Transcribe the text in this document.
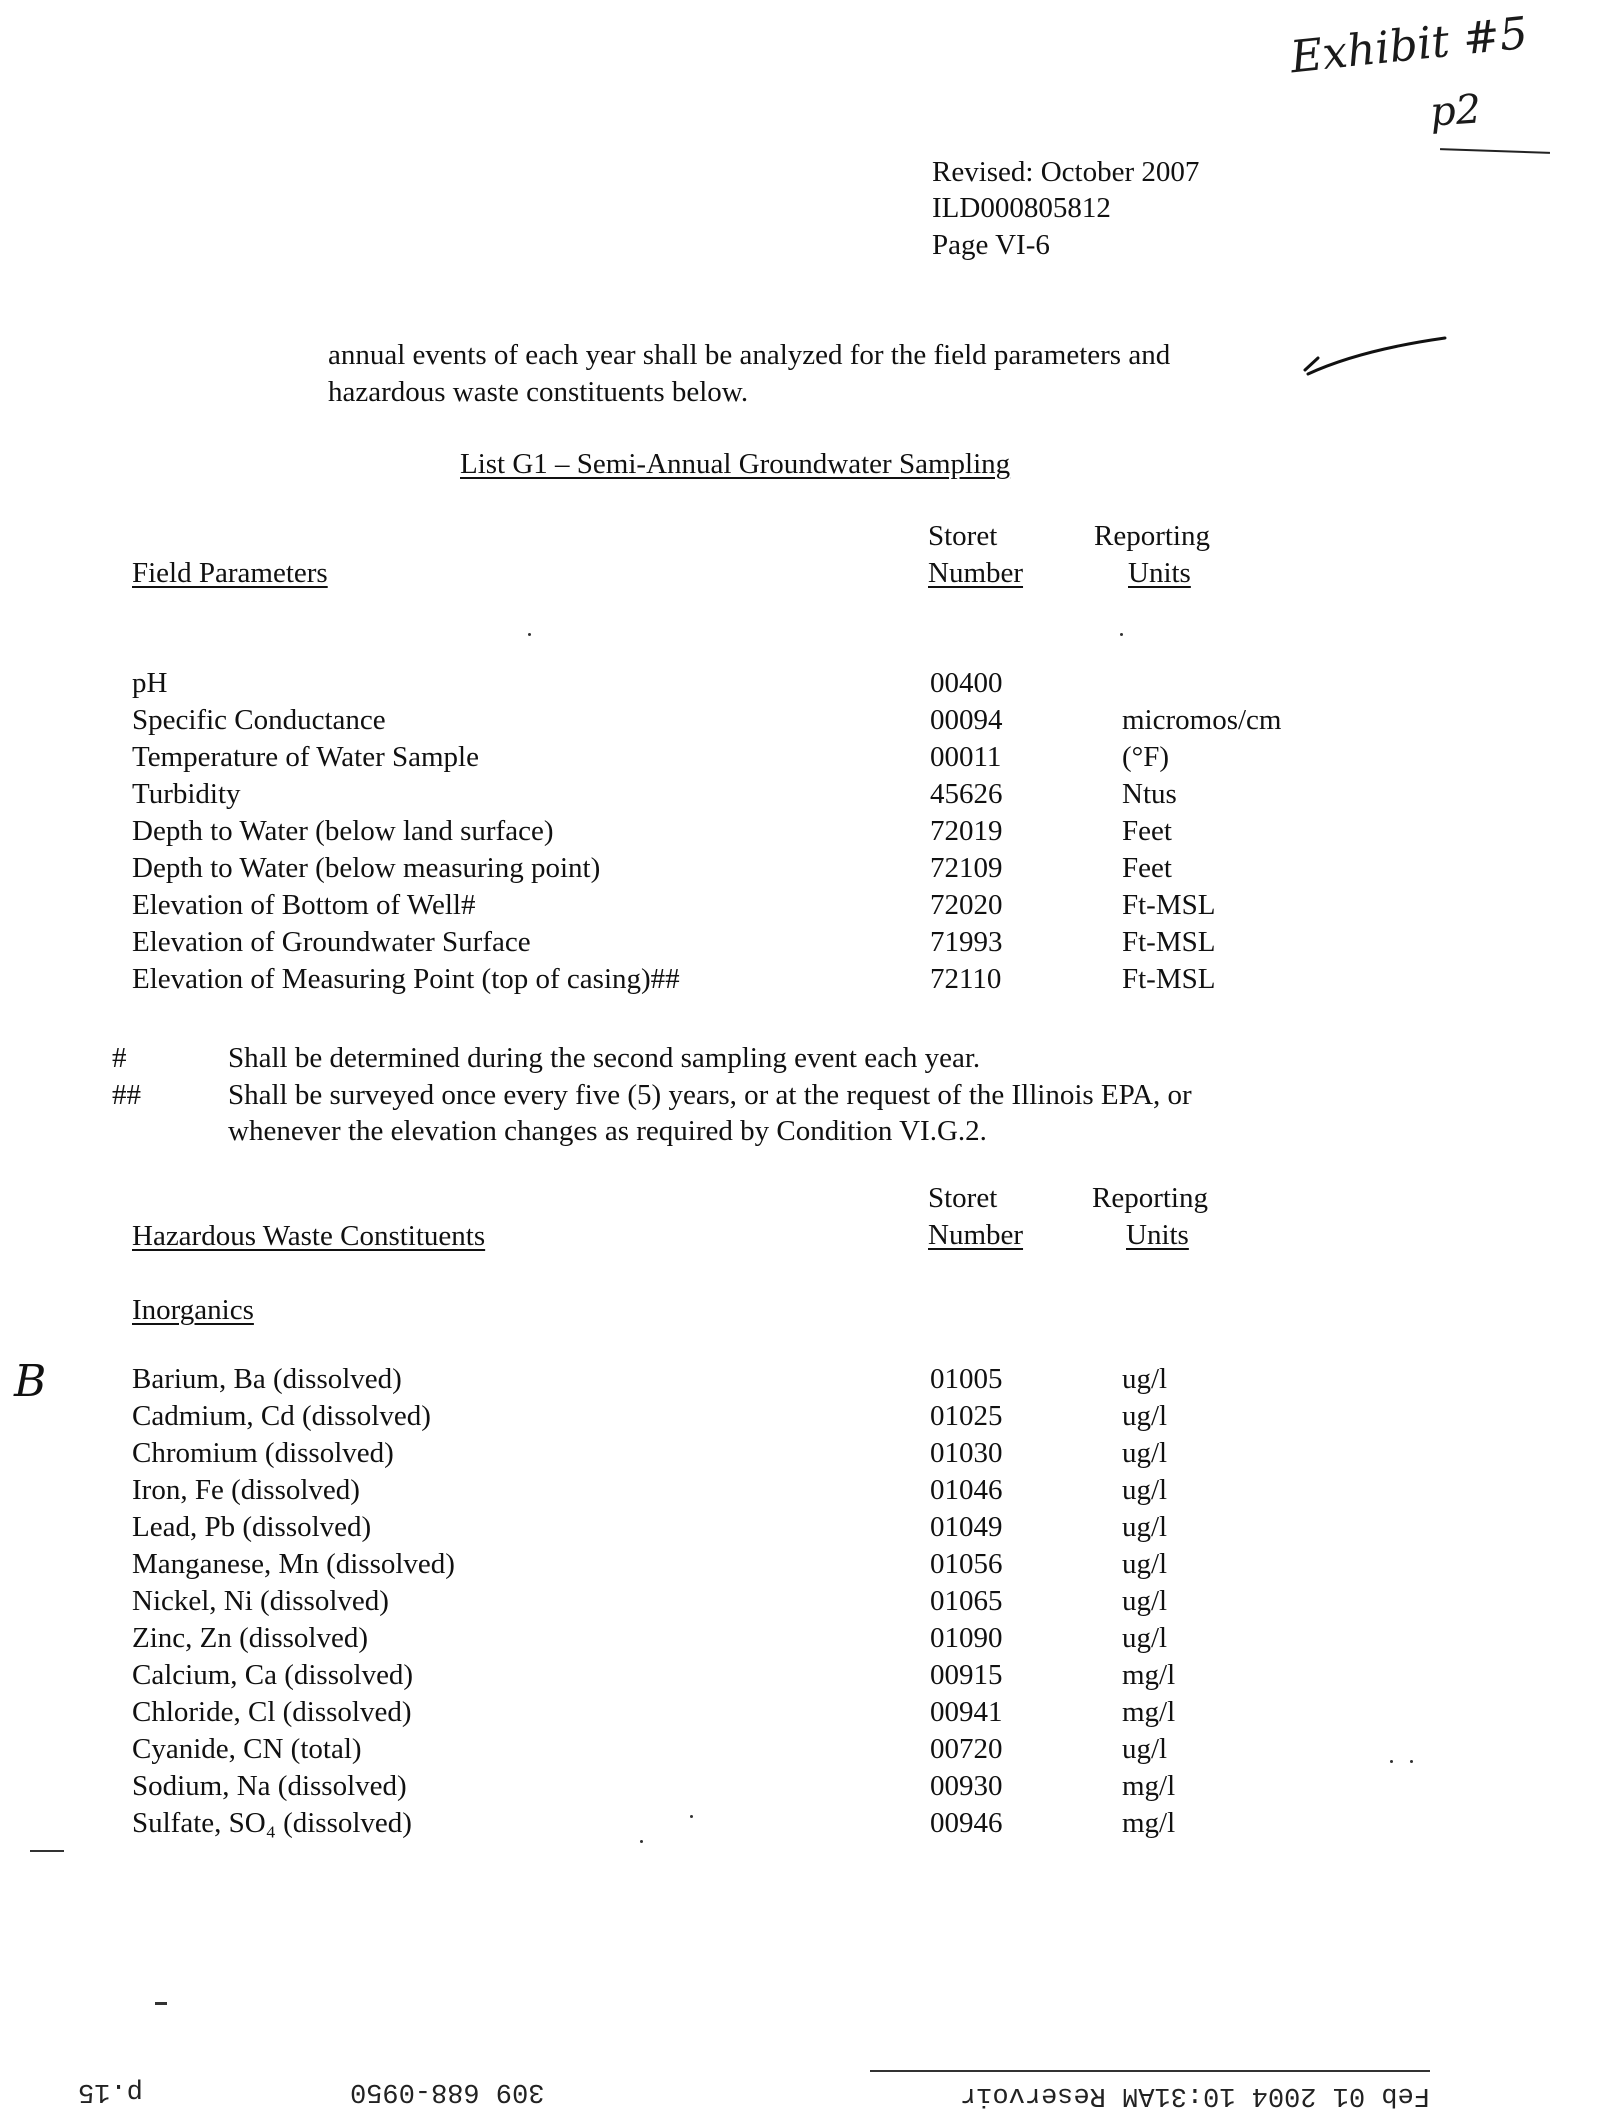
Exhibit #5
p2
Revised: October 2007
ILD000805812
Page VI-6
annual events of each year shall be analyzed for the field parameters and
hazardous waste constituents below.
List G1 – Semi-Annual Groundwater Sampling
Field Parameters
Storet
Number
Reporting
Units
pH	00400
Specific Conductance	00094	micromos/cm
Temperature of Water Sample	00011	(°F)
Turbidity	45626	Ntus
Depth to Water (below land surface)	72019	Feet
Depth to Water (below measuring point)	72109	Feet
Elevation of Bottom of Well#	72020	Ft-MSL
Elevation of Groundwater Surface	71993	Ft-MSL
Elevation of Measuring Point (top of casing)##	72110	Ft-MSL
#	Shall be determined during the second sampling event each year.
##	Shall be surveyed once every five (5) years, or at the request of the Illinois EPA, or
whenever the elevation changes as required by Condition VI.G.2.
Hazardous Waste Constituents
Storet
Number
Reporting
Units
Inorganics
B	Barium, Ba (dissolved)	01005	ug/l
Cadmium, Cd (dissolved)	01025	ug/l
Chromium (dissolved)	01030	ug/l
Iron, Fe (dissolved)	01046	ug/l
Lead, Pb (dissolved)	01049	ug/l
Manganese, Mn (dissolved)	01056	ug/l
Nickel, Ni (dissolved)	01065	ug/l
Zinc, Zn (dissolved)	01090	ug/l
Calcium, Ca (dissolved)	00915	mg/l
Chloride, Cl (dissolved)	00941	mg/l
Cyanide, CN (total)	00720	ug/l
Sodium, Na (dissolved)	00930	mg/l
Sulfate, SO₄ (dissolved)	00946	mg/l
p.15	309 688-0950	Feb 01 2004 10:31AM Reservoir
